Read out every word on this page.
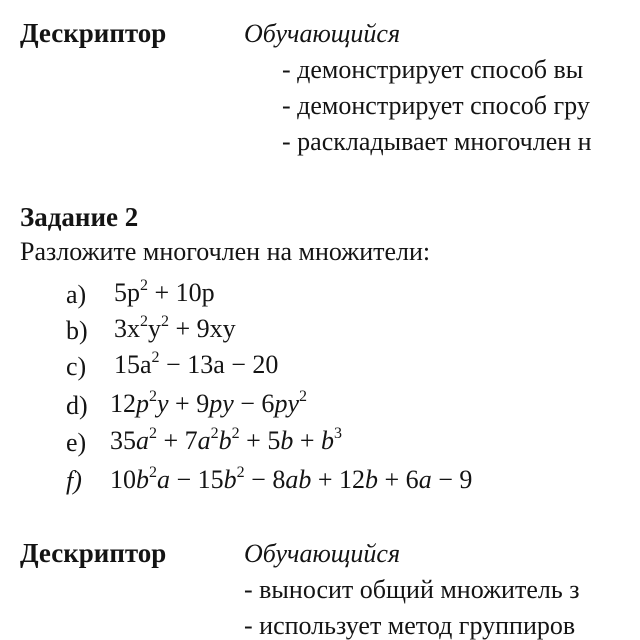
Дескриптор	Обучающийся
- демонстрирует способ вы
- демонстрирует способ гру
- раскладывает многочлен н
Задание 2
Разложите многочлен на множители:
a) $5p^2 + 10p$
b) $3x^2y^2 + 9xy$
c) $15a^2 - 13a - 20$
d) $12p^2y + 9py - 6py^2$
e) $35a^2 + 7a^2b^2 + 5b + b^3$
f) $10b^2a - 15b^2 - 8ab + 12b + 6a - 9$
Дескриптор	Обучающийся
- выносит общий множитель з
- использует метод группиров
